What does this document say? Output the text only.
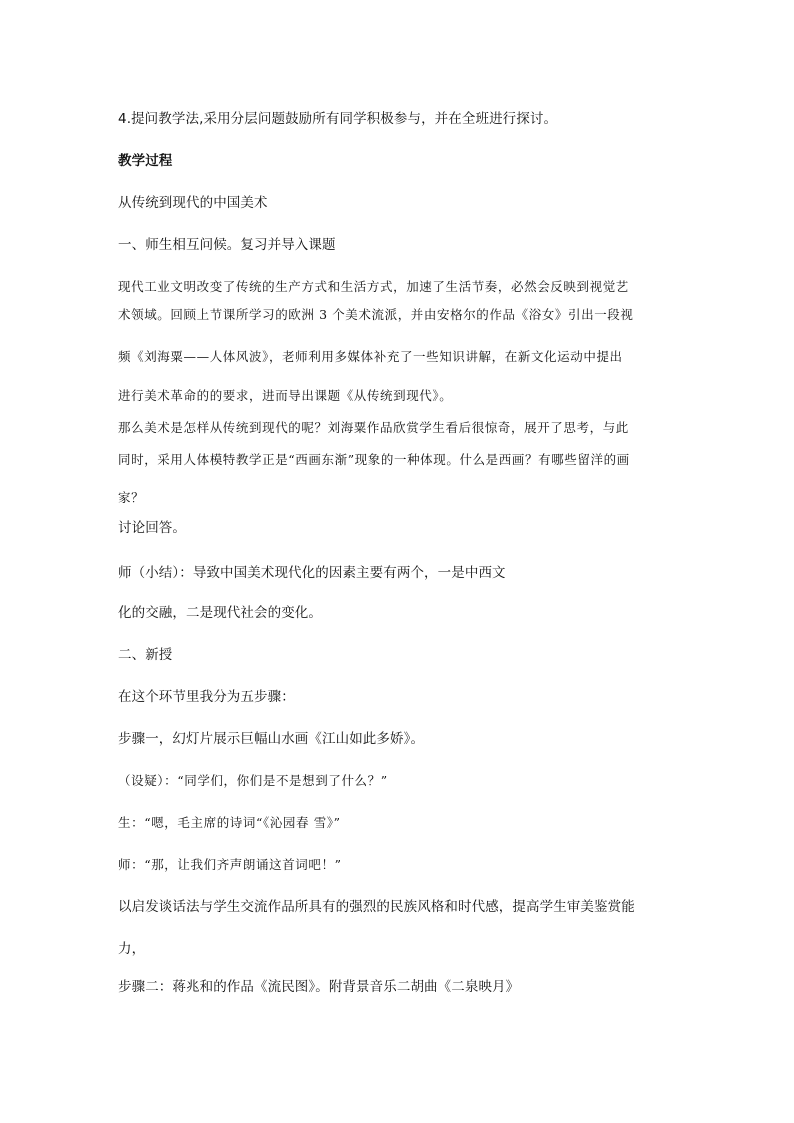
4.提问教学法,采用分层问题鼓励所有同学积极参与，并在全班进行探讨。
教学过程
从传统到现代的中国美术
一、师生相互问候。复习并导入课题
现代工业文明改变了传统的生产方式和生活方式，加速了生活节奏，必然会反映到视觉艺
术领域。回顾上节课所学习的欧洲 3 个美术流派，并由安格尔的作品《浴女》引出一段视
频《刘海粟——人体风波》，老师利用多媒体补充了一些知识讲解，在新文化运动中提出
进行美术革命的的要求，进而导出课题《从传统到现代》。
那么美术是怎样从传统到现代的呢？刘海粟作品欣赏学生看后很惊奇，展开了思考，与此
同时，采用人体模特教学正是“西画东渐”现象的一种体现。什么是西画？有哪些留洋的画
家？
讨论回答。
师（小结）：导致中国美术现代化的因素主要有两个，一是中西文
化的交融，二是现代社会的变化。
二、新授
在这个环节里我分为五步骤：
步骤一，幻灯片展示巨幅山水画《江山如此多娇》。
（设疑）：“同学们，你们是不是想到了什么？”
生：“嗯，毛主席的诗词“《沁园春 雪》”
师：“那，让我们齐声朗诵这首词吧！”
以启发谈话法与学生交流作品所具有的强烈的民族风格和时代感，提高学生审美鉴赏能
力，
步骤二：蒋兆和的作品《流民图》。附背景音乐二胡曲《二泉映月》
